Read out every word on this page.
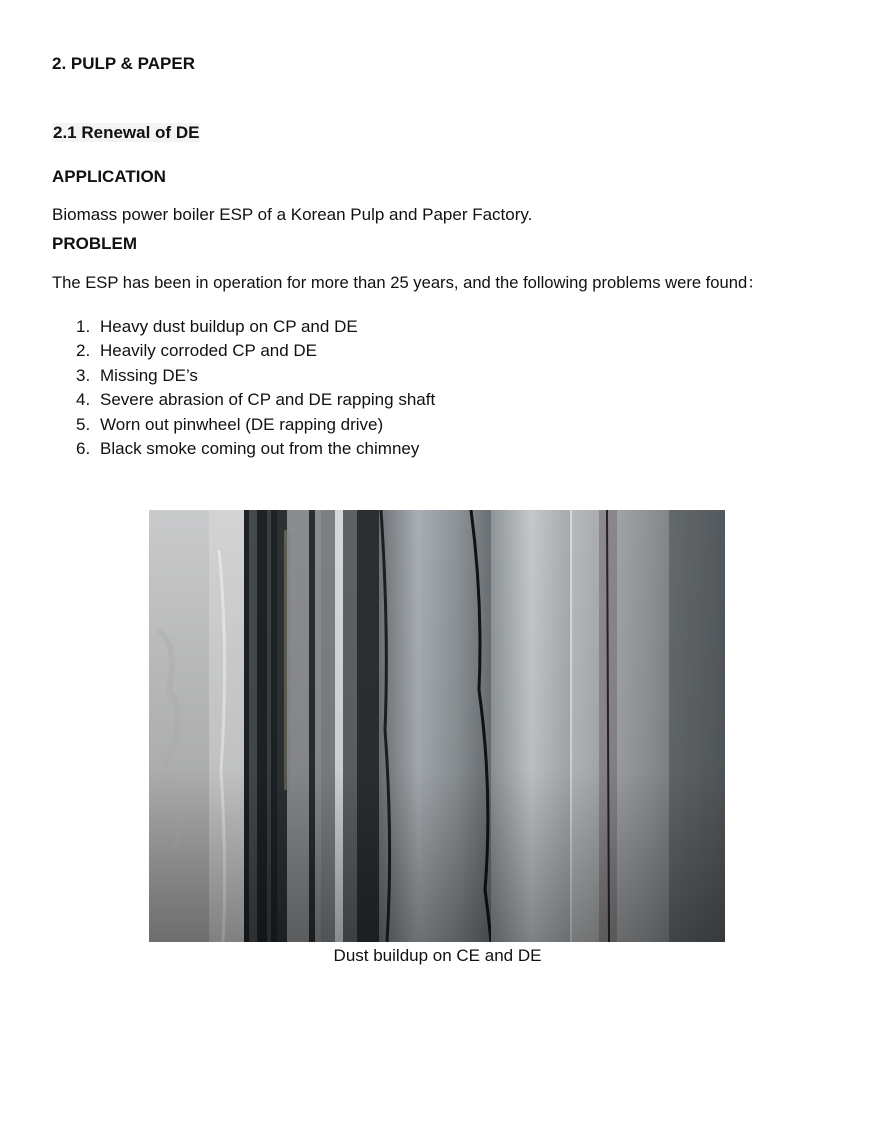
2. PULP & PAPER
2.1 Renewal of DE
APPLICATION
Biomass power boiler ESP of a Korean Pulp and Paper Factory.
PROBLEM
The ESP has been in operation for more than 25 years, and the following problems were found：
1. Heavy dust buildup on CP and DE
2. Heavily corroded CP and DE
3. Missing DE’s
4. Severe abrasion of CP and DE rapping shaft
5. Worn out pinwheel (DE rapping drive)
6. Black smoke coming out from the chimney
Dust buildup on CE and DE
